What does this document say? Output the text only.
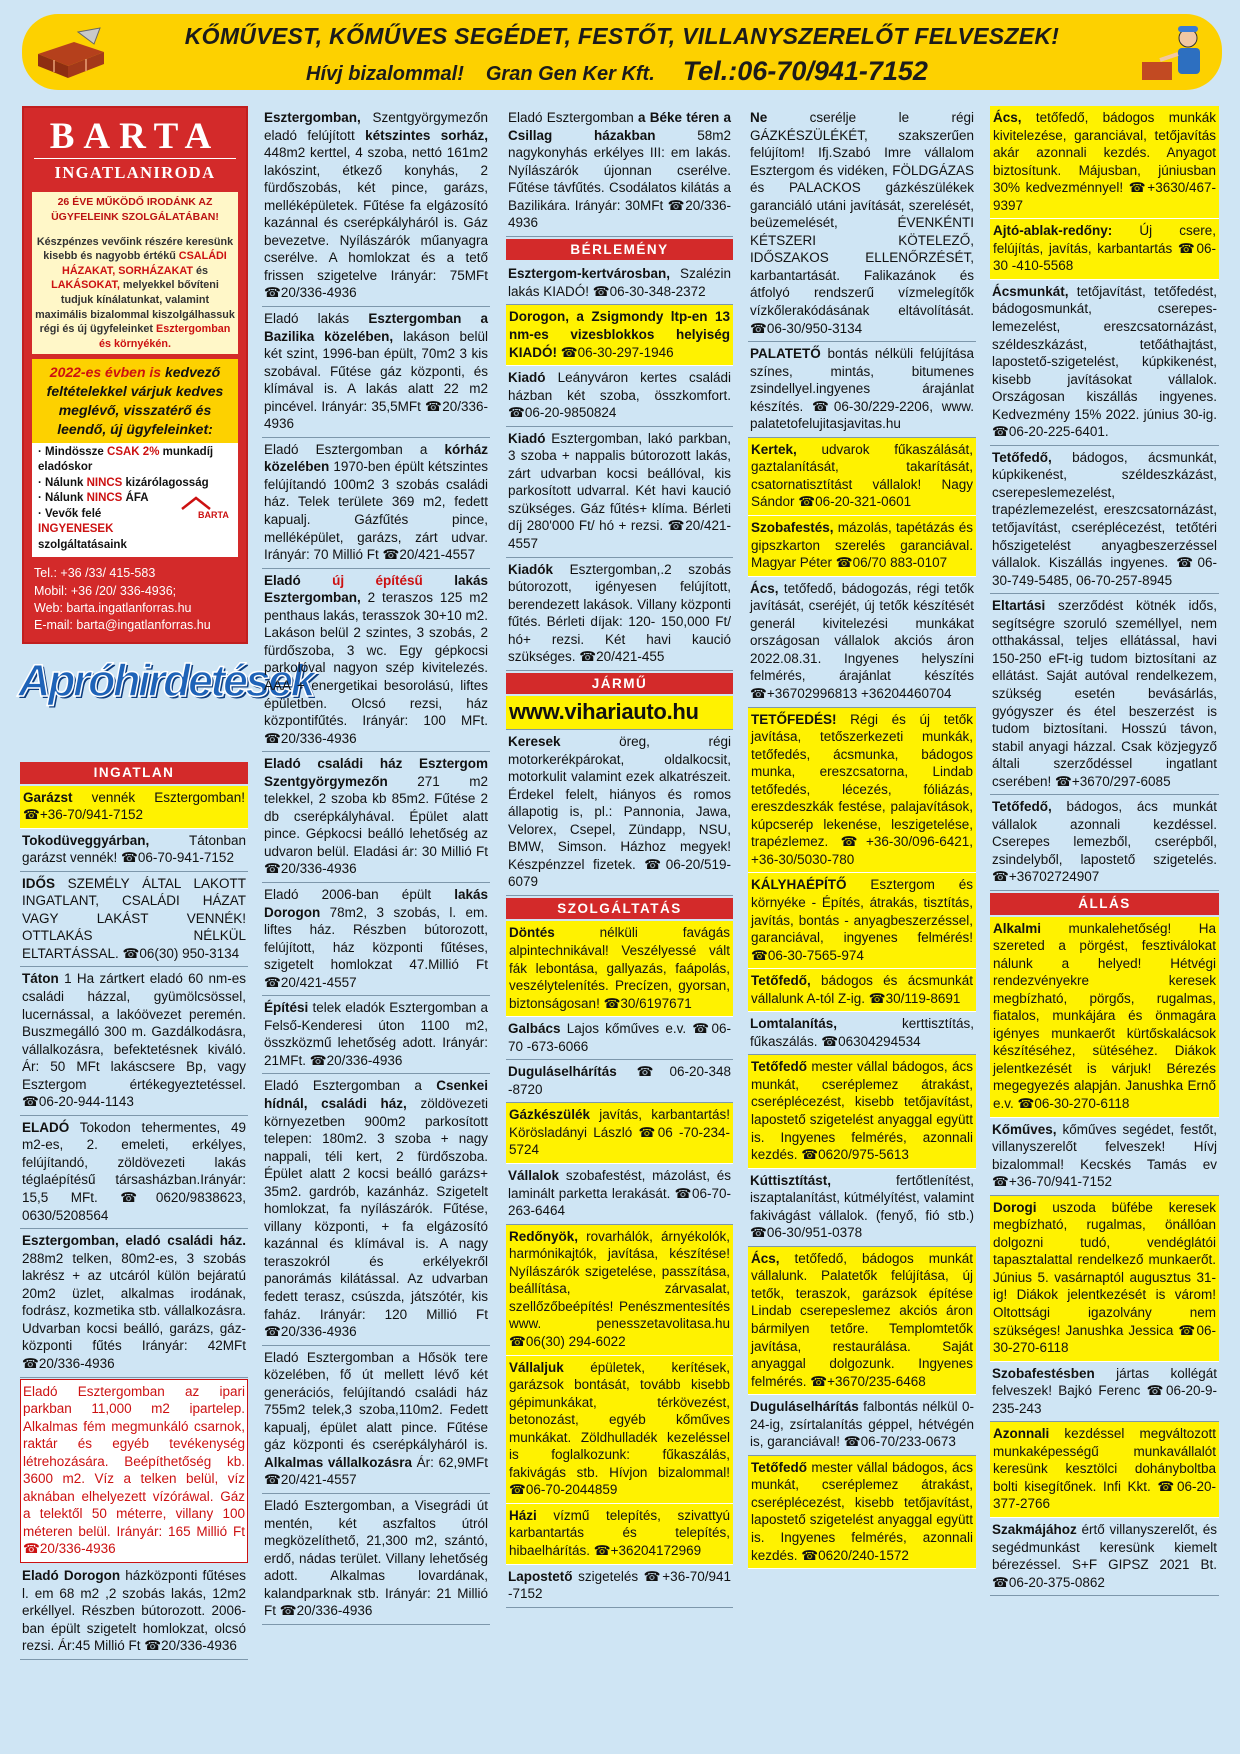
KŐMŰVEST, KŐMŰVES SEGÉDET, FESTŐT, VILLANYSZERELŐT FELVESZEK!
Hívj bizalommal! Gran Gen Ker Kft. Tel.:06-70/941-7152
BARTA
INGATLANIRODA
26 ÉVE MŰKÖDŐ IRODÁNK AZ ÜGYFELEINK SZOLGÁLATÁBAN!
Készpénzes vevőink részére keresünk kisebb és nagyobb értékű CSALÁDI HÁZAKAT, SORHÁZAKAT és LAKÁSOKAT, melyekkel bővíteni tudjuk kínálatunkat, valamint maximális bizalommal kiszolgálhassuk régi és új ügyfeleinket Esztergomban és környékén.
2022-es évben is kedvező feltételekkel várjuk kedves meglévő, visszatérő és leendő, új ügyfeleinket:
· Mindössze CSAK 2% munkadíj eladóskor
· Nálunk NINCS kizárólagosság
· Nálunk NINCS ÁFA
· Vevők felé INGYENESEK szolgáltatásaink
BARTA
Tel.: +36 /33/ 415-583
Mobil: +36 /20/ 336-4936;
Web: barta.ingatlanforras.hu
E-mail: barta@ingatlanforras.hu
Apróhirdetések
INGATLAN
Garázst vennék Esztergomban! ☎+36-70/941-7152
Tokodüveggyárban, Tátonban garázst vennék! ☎06-70-941-7152
IDŐS SZEMÉLY ÁLTAL LAKOTT INGATLANT, CSALÁDI HÁZAT VAGY LAKÁST VENNÉK! OTTLAKÁS NÉLKÜL ELTARTÁSSAL. ☎06(30) 950-3134
Táton 1 Ha zártkert eladó 60 nm-es családi házzal, gyümölcsössel, lucernással, a lakóövezet peremén. Buszmegálló 300 m. Gazdálkodásra, vállalkozásra, befektetésnek kiváló. Ár: 50 MFt lakáscsere Bp, vagy Esztergom értékegyeztetéssel. ☎06-20-944-1143
ELADÓ Tokodon tehermentes, 49 m2-es, 2. emeleti, erkélyes, felújítandó, zöldövezeti lakás téglaépítésű társasházban.Irányár: 15,5 MFt. ☎0620/9838623, 0630/5208564
Esztergomban, eladó családi ház. 288m2 telken, 80m2-es, 3 szobás lakrész + az utcáról külön bejáratú 20m2 üzlet, alkalmas irodának, fodrász, kozmetika stb. vállalkozásra. Udvarban kocsi beálló, garázs, gáz-központi fűtés Irányár: 42MFt ☎20/336-4936
Eladó Esztergomban az ipari parkban 11,000 m2 ipartelep. Alkalmas fém megmunkáló csarnok, raktár és egyéb tevékenység létrehozására. Beépíthetőség kb. 3600 m2. Víz a telken belül, víz aknában elhelyezett vízóráwal. Gáz a telektől 50 méterre, villany 100 méteren belül. Irányár: 165 Millió Ft ☎20/336-4936
Eladó Dorogon házközponti fűtéses l. em 68 m2 ,2 szobás lakás, 12m2 erkéllyel. Részben bútorozott. 2006-ban épült szigetelt homlokzat, olcsó rezsi. Ár:45 Millió Ft ☎20/336-4936
Esztergomban, Szentgyörgymezőn eladó felújított kétszintes sorház, 448m2 kerttel, 4 szoba, nettó 161m2 lakószint, étkező konyhás, 2 fürdőszobás, két pince, garázs, melléképületek. Fűtése fa elgázosító kazánnal és cserépkályháról is. Gáz bevezetve. Nyílászárók műanyagra cserélve. A homlokzat és a tető frissen szigetelve Irányár: 75MFt ☎20/336-4936
Eladó lakás Esztergomban a Bazilika közelében, lakáson belül két szint, 1996-ban épült, 70m2 3 kis szobával. Fűtése gáz központi, és klímával is. A lakás alatt 22 m2 pincével. Irányár: 35,5MFt ☎20/336-4936
Eladó Esztergomban a kórház közelében 1970-ben épült kétszintes felújítandó 100m2 3 szobás családi ház. Telek területe 369 m2, fedett kapualj. Gázfűtés pince, melléképület, garázs, zárt udvar. Irányár: 70 Millió Ft ☎20/421-4557
Eladó új építésű lakás Esztergomban, 2 teraszos 125 m2 penthaus lakás, terasszok 30+10 m2. Lakáson belül 2 szintes, 3 szobás, 2 fürdőszoba, 3 wc. Egy gépkocsi parkolóval nagyon szép kivitelezés. AAA + energetikai besorolású, liftes épületben. Olcsó rezsi, ház központifűtés. Irányár: 100 MFt. ☎20/336-4936
Eladó családi ház Esztergom Szentgyörgymezőn 271 m2 telekkel, 2 szoba kb 85m2. Fűtése 2 db cserépkályhával. Épület alatt pince. Gépkocsi beálló lehetőség az udvaron belül. Eladási ár: 30 Millió Ft ☎20/336-4936
Eladó 2006-ban épült lakás Dorogon 78m2, 3 szobás, l. em. liftes ház. Részben bútorozott, felújított, ház központi fűtéses, szigetelt homlokzat 47.Millió Ft ☎20/421-4557
Építési telek eladók Esztergomban a Felső-Kenderesi úton 1100 m2, összközmű lehetőség adott. Irányár: 21MFt. ☎20/336-4936
Eladó Esztergomban a Csenkei hídnál, családi ház, zöldövezeti környezetben 900m2 parkosított telepen: 180m2. 3 szoba + nagy nappali, téli kert, 2 fürdőszoba. Épület alatt 2 kocsi beálló garázs+ 35m2. gardrób, kazánház. Szigetelt homlokzat, fa nyílászárók. Fűtése, villany központi, + fa elgázosító kazánnal és klímával is. A nagy teraszokról és erkélyekről panorámás kilátással. Az udvarban fedett terasz, csúszda, játszótér, kis faház. Irányár: 120 Millió Ft ☎20/336-4936
Eladó Esztergomban a Hősök tere közelében, fő út mellett lévő két generációs, felújítandó családi ház 755m2 telek,3 szoba,110m2. Fedett kapualj, épület alatt pince. Fűtése gáz központi és cserépkályháról is. Alkalmas vállalkozásra Ár: 62,9MFt ☎20/421-4557
Eladó Esztergomban, a Visegrádi út mentén, két aszfaltos útról megközelíthető, 21,300 m2, szántó, erdő, nádas terület. Villany lehetőség adott. Alkalmas lovardának, kalandparknak stb. Irányár: 21 Millió Ft ☎20/336-4936
Eladó Esztergomban a Béke téren a Csillag házakban 58m2 nagykonyhás erkélyes III: em lakás. Nyílászárók újonnan cserélve. Fűtése távfűtés. Csodálatos kilátás a Bazilikára. Irányár: 30MFt ☎20/336-4936
BÉRLEMÉNY
Esztergom-kertvárosban, Szalézin lakás KIADÓ! ☎06-30-348-2372
Dorogon, a Zsigmondy ltp-en 13 nm-es vizesblokkos helyiség KIADÓ! ☎06-30-297-1946
Kiadó Leányváron kertes családi házban két szoba, összkomfort. ☎06-20-9850824
Kiadó Esztergomban, lakó parkban, 3 szoba + nappalis bútorozott lakás, zárt udvarban kocsi beállóval, kis parkosított udvarral. Két havi kaució szükséges. Gáz fűtés+ klíma. Bérleti díj 280'000 Ft/ hó + rezsi. ☎20/421-4557
Kiadók Esztergomban,.2 szobás bútorozott, igényesen felújított, berendezett lakások. Villany központi fűtés. Bérleti díjak: 120- 150,000 Ft/ hó+ rezsi. Két havi kaució szükséges. ☎20/421-455
JÁRMŰ
www.vihariauto.hu
Keresek öreg, régi motorkerékpárokat, oldalkocsit, motorkulit valamint ezek alkatrészeit. Érdekel felelt, hiányos és romos állapotig is, pl.: Pannonia, Jawa, Velorex, Csepel, Zündapp, NSU, BMW, Simson. Házhoz megyek! Készpénzzel fizetek. ☎06-20/519-6079
SZOLGÁLTATÁS
Döntés nélküli favágás alpintechnikával! Veszélyessé vált fák lebontása, gallyazás, faápolás, veszélytelenítés. Precízen, gyorsan, biztonságosan! ☎30/6197671
Galbács Lajos kőműves e.v. ☎06-70 -673-6066
Duguláselhárítás ☎06-20-348 -8720
Gázkészülék javítás, karbantartás! Körösladányi László ☎06 -70-234-5724
Vállalok szobafestést, mázolást, és laminált parketta lerakását. ☎06-70-263-6464
Redőnyök, rovarhálók, árnyékolók, harmónikajtók, javítása, készítése! Nyílászárók szigetelése, passzítása, beállítása, zárvasalat, szellőzőbeépítés! Penészmentesítés www. penesszetavolitasa.hu ☎06(30) 294-6022
Vállaljuk épületek, kerítések, garázsok bontását, tovább kisebb gépimunkákat, térkövezést, betonozást, egyéb kőműves munkákat. Zöldhulladék kezeléssel is foglalkozunk: fűkaszálás, fakivágás stb. Hívjon bizalommal! ☎06-70-2044859
Házi vízmű telepítés, szivattyú karbantartás és telepítés, hibaelhárítás. ☎+36204172969
Lapostető szigetelés ☎+36-70/941 -7152
Ne cserélje le régi GÁZKÉSZÜLÉKÉT, szakszerűen felújítom! Ifj.Szabó Imre vállalom Esztergom és vidéken, FÖLDGÁZAS és PALACKOS gázkészülékek garanciáló utáni javítását, szerelését, beüzemelését, ÉVENKÉNTI KÉTSZERI KÖTELEZŐ, IDŐSZAKOS ELLENŐRZÉSÉT, karbantartását. Falikazánok és átfolyó rendszerű vízmelegítők vízkőlerakódásának eltávolítását. ☎06-30/950-3134
PALATETŐ bontás nélküli felújítása színes, mintás, bitumenes zsindellyel.ingyenes árajánlat készítés. ☎06-30/229-2206, www. palatetofelujitasjavitas.hu
Kertek, udvarok fűkaszálását, gaztalanítását, takarítását, csatornatisztítást vállalok! Nagy Sándor ☎06-20-321-0601
Szobafestés, mázolás, tapétázás és gipszkarton szerelés garanciával. Magyar Péter ☎06/70 883-0107
Ács, tetőfedő, bádogozás, régi tetők javítását, cseréjét, új tetők készítését generál kivitelezési munkákat országosan vállalok akciós áron 2022.08.31. Ingyenes helyszíni felmérés, árajánlat készítés ☎+36702996813 +36204460704
TETŐFEDÉS! Régi és új tetők javítása, tetőszerkezeti munkák, tetőfedés, ácsmunka, bádogos munka, ereszcsatorna, Lindab tetőfedés, lécezés, fóliázás, ereszdeszkák festése, palajavítások, kúpcserép lekenése, leszigetelése, trapézlemez. ☎+36-30/096-6421, +36-30/5030-780
KÁLYHAÉPÍTŐ Esztergom és környéke - Építés, átrakás, tisztítás, javítás, bontás - anyagbeszerzéssel, garanciával, ingyenes felmérés! ☎06-30-7565-974
Tetőfedő, bádogos és ácsmunkát vállalunk A-tól Z-ig. ☎30/119-8691
Lomtalanítás, kerttisztítás, fűkaszálás. ☎06304294534
Tetőfedő mester vállal bádogos, ács munkát, cseréplemez átrakást, cseréplécezést, kisebb tetőjavítást, lapostető szigetelést anyaggal együtt is. Ingyenes felmérés, azonnali kezdés. ☎0620/975-5613
Kúttisztítást, fertőtlenítést, iszaptalanítást, kútmélyítést, valamint fakivágást vállalok. (fenyő, fió stb.) ☎06-30/951-0378
Ács, tetőfedő, bádogos munkát vállalunk. Palatetők felújítása, új tetők, teraszok, garázsok építése Lindab cserepeslemez akciós áron bármilyen tetőre. Templomtetők javítása, restaurálása. Saját anyaggal dolgozunk. Ingyenes felmérés. ☎+3670/235-6468
Duguláselhárítás falbontás nélkül 0-24-ig, zsírtalanítás géppel, hétvégén is, garanciával! ☎06-70/233-0673
Tetőfedő mester vállal bádogos, ács munkát, cseréplemez átrakást, cseréplécezést, kisebb tetőjavítást, lapostető szigetelést anyaggal együtt is. Ingyenes felmérés, azonnali kezdés. ☎0620/240-1572
Ács, tetőfedő, bádogos munkák kivitelezése, garanciával, tetőjavítás akár azonnali kezdés. Anyagot biztosítunk. Májusban, júniusban 30% kedvezménnyel! ☎+3630/467-9397
Ajtó-ablak-redőny: Új csere, felújítás, javítás, karbantartás ☎06-30 -410-5568
Ácsmunkát, tetőjavítást, tetőfedést, bádogosmunkát, cserepes-lemezelést, ereszcsatornázást, széldeszkázást, tetőáthajtást, lapostető-szigetelést, kúpkikenést, kisebb javításokat vállalok. Országosan kiszállás ingyenes. Kedvezmény 15% 2022. június 30-ig. ☎06-20-225-6401.
Tetőfedő, bádogos, ácsmunkát, kúpkikenést, széldeszkázást, cserepeslemezelést, trapézlemezelést, ereszcsatornázást, tetőjavítást, cseréplécezést, tetőtéri hőszigetelést anyagbeszerzéssel vállalok. Kiszállás ingyenes. ☎06-30-749-5485, 06-70-257-8945
Eltartási szerződést kötnék idős, segítségre szoruló személlyel, nem otthakással, teljes ellátással, havi 150-250 eFt-ig tudom biztosítani az ellátást. Saját autóval rendelkezem, szükség esetén bevásárlás, gyógyszer és étel beszerzést is tudom biztosítani. Hosszú távon, stabil anyagi házzal. Csak közjegyző általi szerződéssel ingatlant cserében! ☎+3670/297-6085
Tetőfedő, bádogos, ács munkát vállalok azonnali kezdéssel. Cserepes lemezből, cserépből, zsindelyből, lapostető szigetelés. ☎+36702724907
ÁLLÁS
Alkalmi munkalehetőség! Ha szereted a pörgést, fesztiválokat nálunk a helyed! Hétvégi rendezvényekre keresek megbízható, pörgős, rugalmas, fiatalos, munkájára és önmagára igényes munkaerőt kürtőskalácsok készítéséhez, sütéséhez. Diákok jelentkezését is várjuk! Bérezés megegyezés alapján. Janushka Ernő e.v. ☎06-30-270-6118
Kőműves, kőműves segédet, festőt, villanyszerelőt felveszek! Hívj bizalommal! Kecskés Tamás ev ☎+36-70/941-7152
Dorogi uszoda büfébe keresek megbízható, rugalmas, önállóan dolgozni tudó, vendéglátói tapasztalattal rendelkező munkaerőt. Június 5. vasárnaptól augusztus 31-ig! Diákok jelentkezését is várom! Oltottsági igazolvány nem szükséges! Janushka Jessica ☎06-30-270-6118
Szobafestésben jártas kollégát felveszek! Bajkó Ferenc ☎06-20-9-235-243
Azonnali kezdéssel megváltozott munkaképességű munkavállalót keresünk kesztölci dohányboltba bolti kisegítőnek. Infi Kkt. ☎06-20-377-2766
Szakmájához értő villanyszerelőt, és segédmunkást keresünk kiemelt bérezéssel. S+F GIPSZ 2021 Bt. ☎06-20-375-0862
